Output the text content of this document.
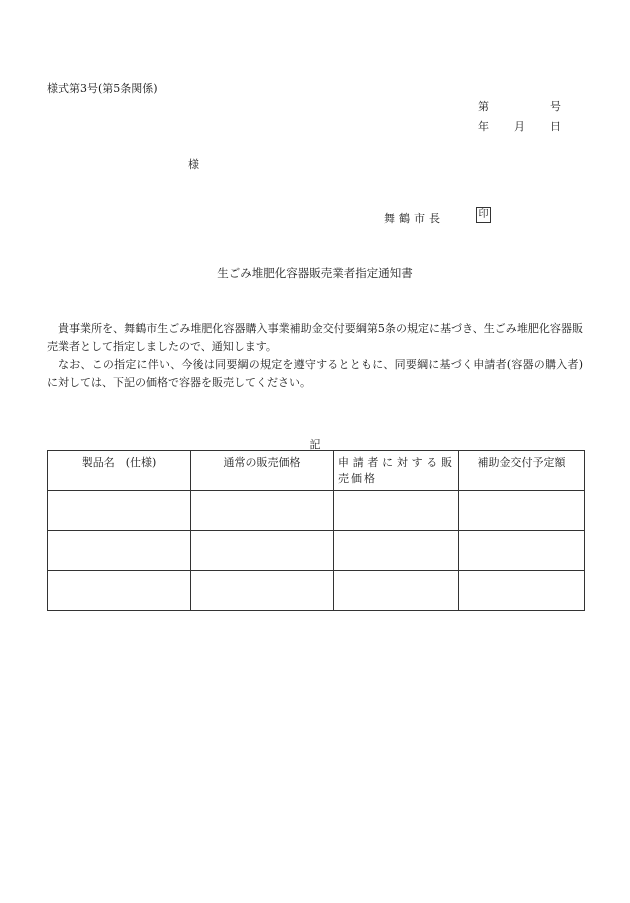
様式第3号(第5条関係)
第	号
年 月 日
様
舞鶴市長	印
生ごみ堆肥化容器販売業者指定通知書

貴事業所を、舞鶴市生ごみ堆肥化容器購入事業補助金交付要綱第5条の規定に基づき、生ごみ堆肥化容器販売業者として指定しましたので、通知します。

なお、この指定に伴い、今後は同要綱の規定を遵守するとともに、同要綱に基づく申請者(容器の購入者)に対しては、下記の価格で容器を販売してください。

記
製品名　(仕様)	通常の販売価格	申請者に対する販売価格	補助金交付予定額
